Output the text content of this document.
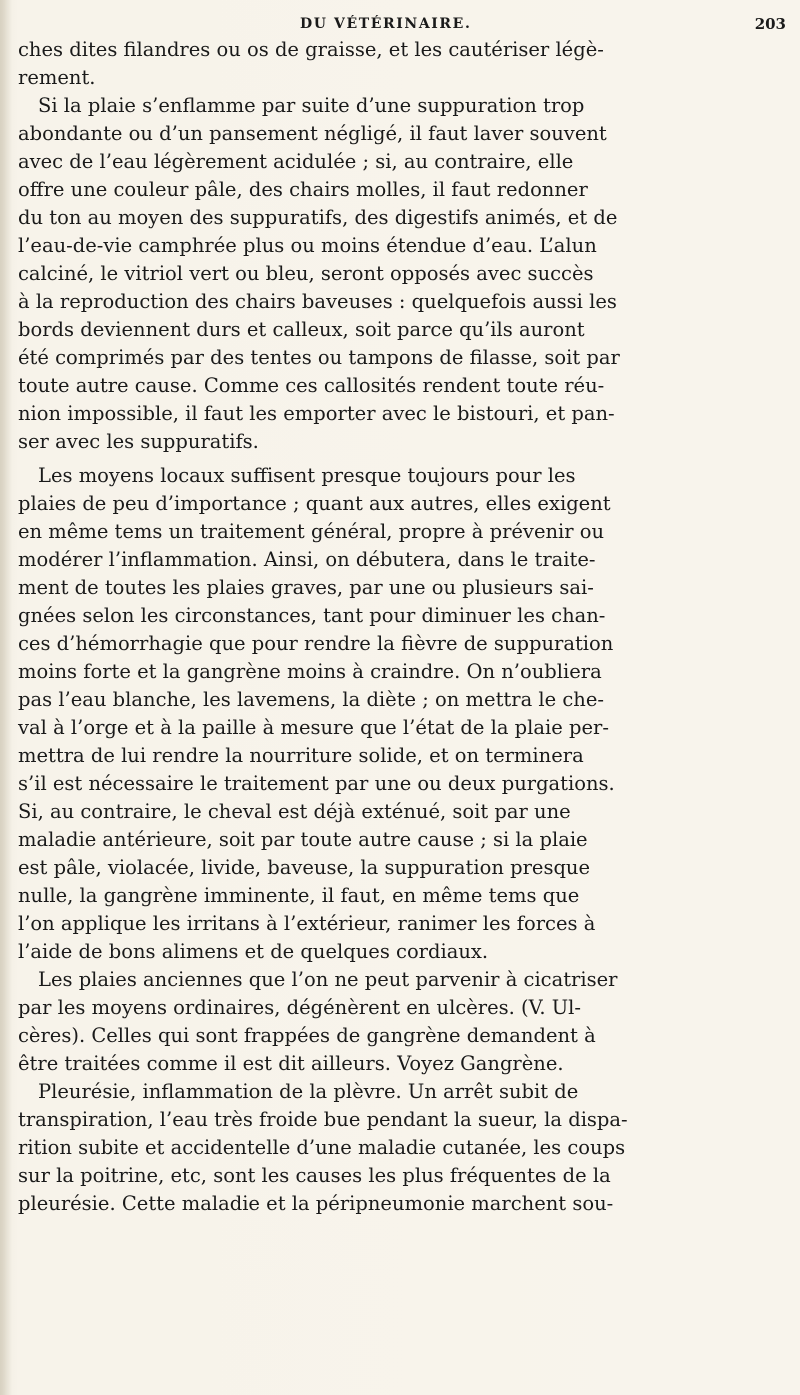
DU VÉTÉRINAIRE.	203
ches dites filandres ou os de graisse, et les cautériser légè-
rement.
Si la plaie s’enflamme par suite d’une suppuration trop
abondante ou d’un pansement négligé, il faut laver souvent
avec de l’eau légèrement acidulée ; si, au contraire, elle
offre une couleur pâle, des chairs molles, il faut redonner
du ton au moyen des suppuratifs, des digestifs animés, et de
l’eau-de-vie camphrée plus ou moins étendue d’eau. L’alun
calciné, le vitriol vert ou bleu, seront opposés avec succès
à la reproduction des chairs baveuses : quelquefois aussi les
bords deviennent durs et calleux, soit parce qu’ils auront
été comprimés par des tentes ou tampons de filasse, soit par
toute autre cause. Comme ces callosités rendent toute réu-
nion impossible, il faut les emporter avec le bistouri, et pan-
ser avec les suppuratifs.
Les moyens locaux suffisent presque toujours pour les
plaies de peu d’importance ; quant aux autres, elles exigent
en même tems un traitement général, propre à prévenir ou
modérer l’inflammation. Ainsi, on débutera, dans le traite-
ment de toutes les plaies graves, par une ou plusieurs sai-
gnées selon les circonstances, tant pour diminuer les chan-
ces d’hémorrhagie que pour rendre la fièvre de suppuration
moins forte et la gangrène moins à craindre. On n’oubliera
pas l’eau blanche, les lavemens, la diète ; on mettra le che-
val à l’orge et à la paille à mesure que l’état de la plaie per-
mettra de lui rendre la nourriture solide, et on terminera
s’il est nécessaire le traitement par une ou deux purgations.
Si, au contraire, le cheval est déjà exténué, soit par une
maladie antérieure, soit par toute autre cause ; si la plaie
est pâle, violacée, livide, baveuse, la suppuration presque
nulle, la gangrène imminente, il faut, en même tems que
l’on applique les irritans à l’extérieur, ranimer les forces à
l’aide de bons alimens et de quelques cordiaux.
Les plaies anciennes que l’on ne peut parvenir à cicatriser
par les moyens ordinaires, dégénèrent en ulcères. (V. Ul-
cères). Celles qui sont frappées de gangrène demandent à
être traitées comme il est dit ailleurs. Voyez Gangrène.
Pleurésie, inflammation de la plèvre. Un arrêt subit de
transpiration, l’eau très froide bue pendant la sueur, la dispa-
rition subite et accidentelle d’une maladie cutanée, les coups
sur la poitrine, etc, sont les causes les plus fréquentes de la
pleurésie. Cette maladie et la péripneumonie marchent sou-
